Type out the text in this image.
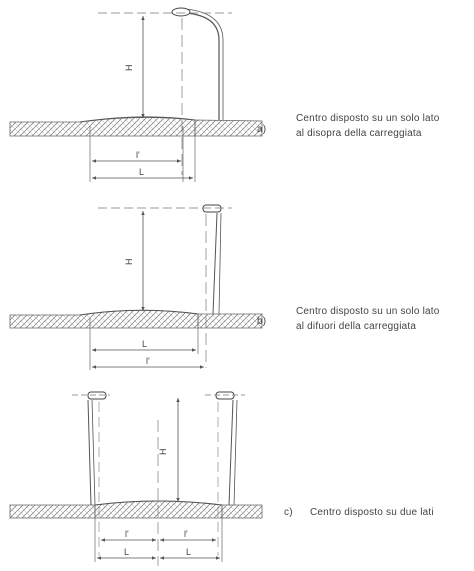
H
l'
L
H
L
l'
H
l'	l'
L	L
a)
Centro disposto su un solo lato
al disopra della carreggiata
b)
Centro disposto su un solo lato
al difuori della carreggiata
c) Centro disposto su due lati
